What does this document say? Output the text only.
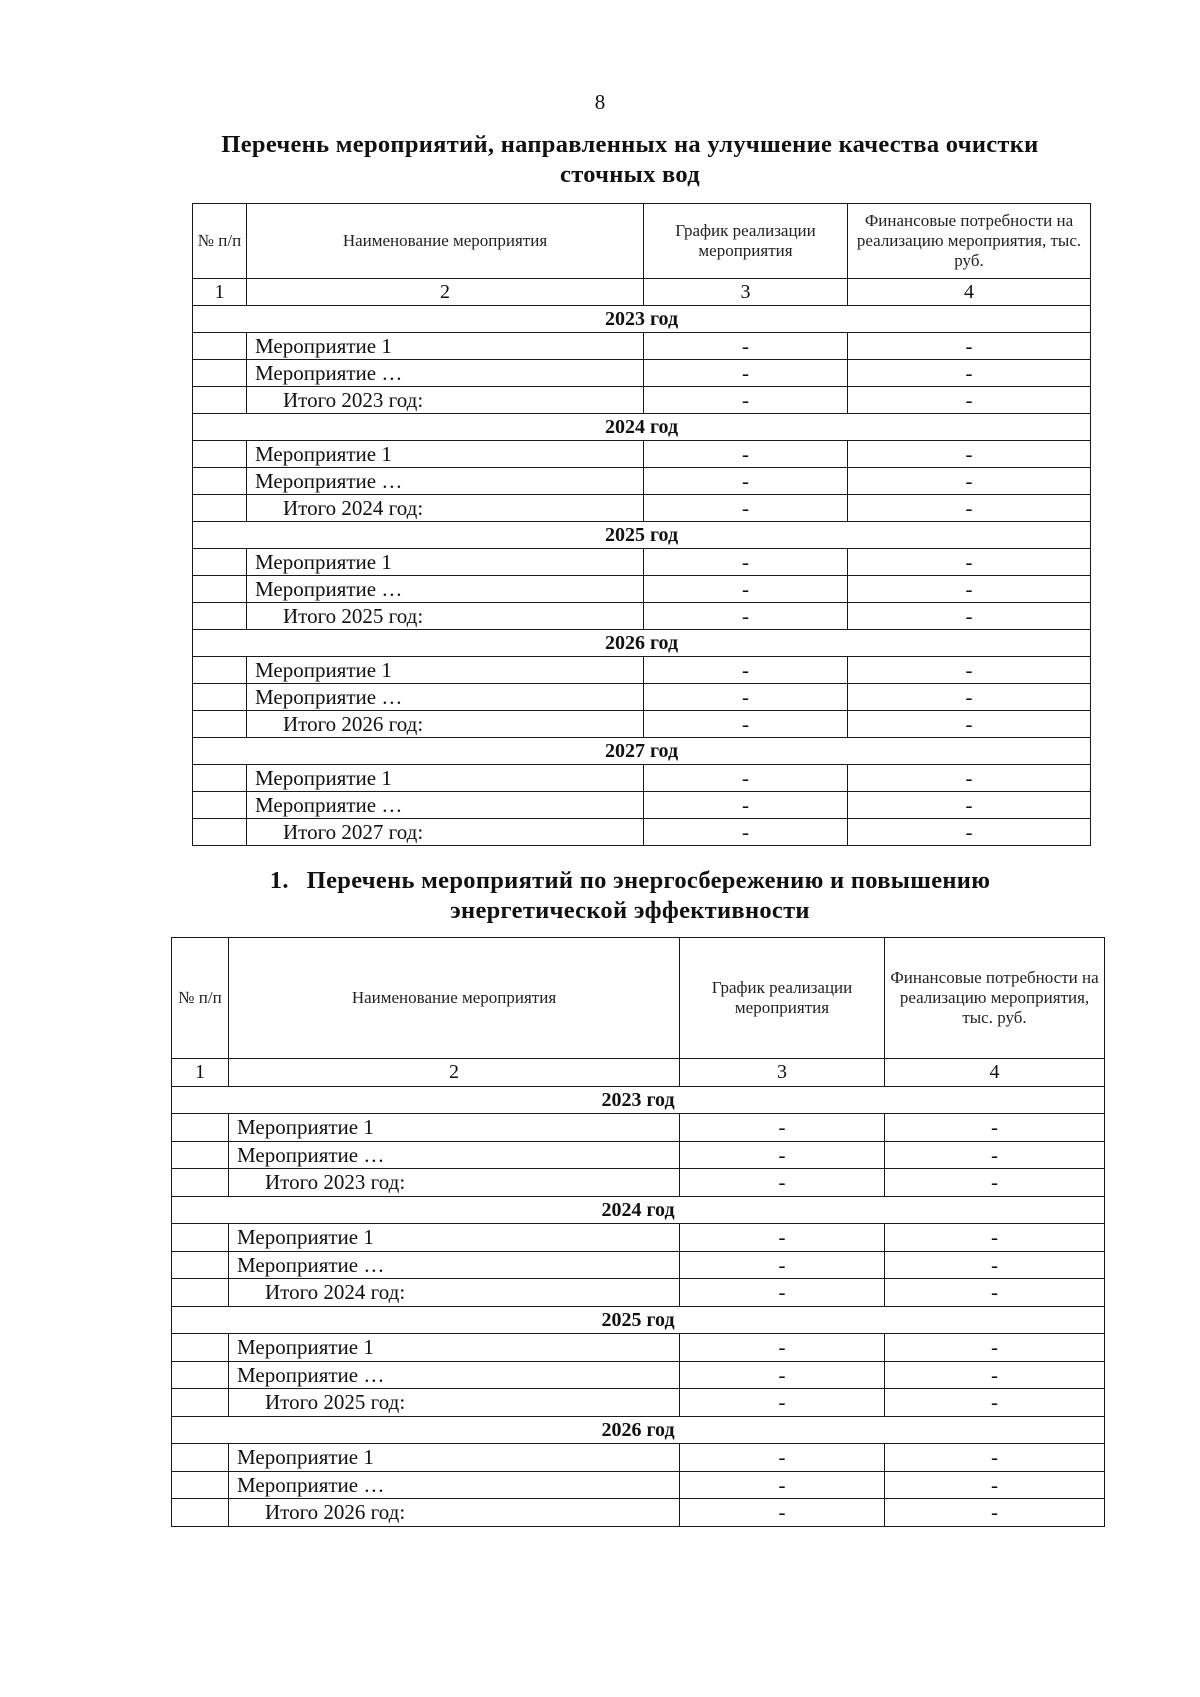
8
Перечень мероприятий, направленных на улучшение качества очистки сточных вод
№ п/п	Наименование мероприятия	График реализации мероприятия	Финансовые потребности на реализацию мероприятия, тыс. руб.
1	2	3	4
2023 год			
	Мероприятие 1	-	-
	Мероприятие …	-	-
	Итого 2023 год:	-	-
2024 год			
	Мероприятие 1	-	-
	Мероприятие …	-	-
	Итого 2024 год:	-	-
2025 год			
	Мероприятие 1	-	-
	Мероприятие …	-	-
	Итого 2025 год:	-	-
2026 год			
	Мероприятие 1	-	-
	Мероприятие …	-	-
	Итого 2026 год:	-	-
2027 год			
	Мероприятие 1	-	-
	Мероприятие …	-	-
	Итого 2027 год:	-	-
1. Перечень мероприятий по энергосбережению и повышению энергетической эффективности
№ п/п	Наименование мероприятия	График реализации мероприятия	Финансовые потребности на реализацию мероприятия, тыс. руб.
1	2	3	4
2023 год			
	Мероприятие 1	-	-
	Мероприятие …	-	-
	Итого 2023 год:	-	-
2024 год			
	Мероприятие 1	-	-
	Мероприятие …	-	-
	Итого 2024 год:	-	-
2025 год			
	Мероприятие 1	-	-
	Мероприятие …	-	-
	Итого 2025 год:	-	-
2026 год			
	Мероприятие 1	-	-
	Мероприятие …	-	-
	Итого 2026 год:	-	-
